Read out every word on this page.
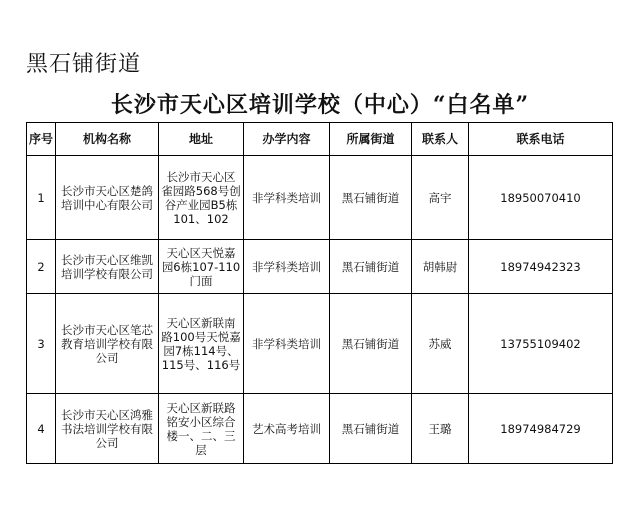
黑石铺街道
长沙市天心区培训学校（中心）“白名单”
序号	机构名称	地址	办学内容	所属街道	联系人	联系电话
1	长沙市天心区楚鸽培训中心有限公司	长沙市天心区雀园路568号创谷产业园B5栋101、102	非学科类培训	黑石铺街道	高宇	18950070410
2	长沙市天心区维凯培训学校有限公司	天心区天悦嘉园6栋107-110门面	非学科类培训	黑石铺街道	胡韩尉	18974942323
3	长沙市天心区笔芯教育培训学校有限公司	天心区新联南路100号天悦嘉园7栋114号、115号、116号	非学科类培训	黑石铺街道	苏威	13755109402
4	长沙市天心区鸿雅书法培训学校有限公司	天心区新联路铭安小区综合楼一、二、三层	艺术高考培训	黑石铺街道	王璐	18974984729
